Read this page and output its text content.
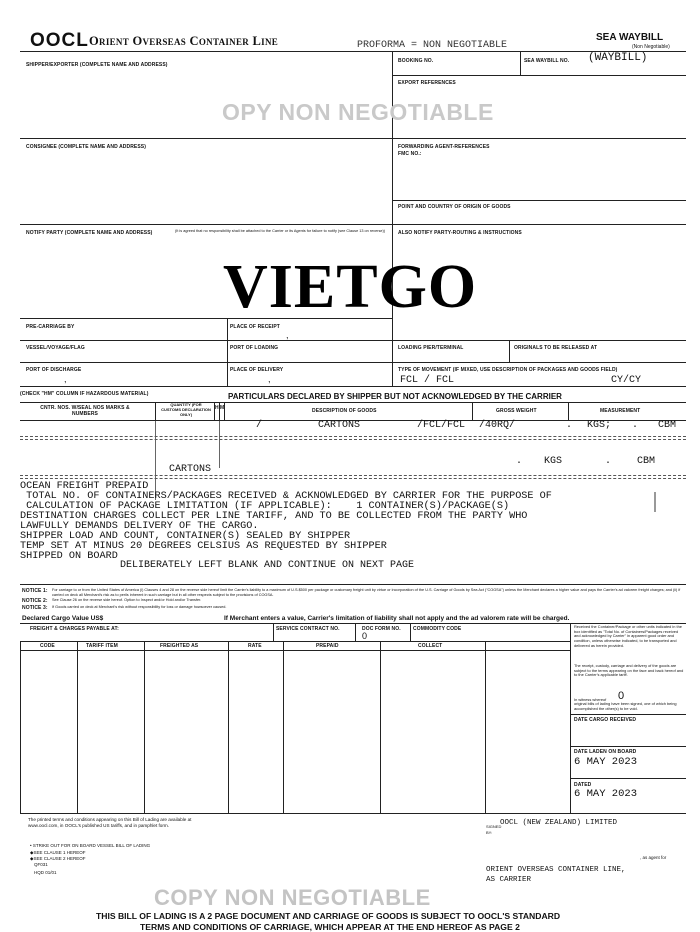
OOCL Orient Overseas Container Line	PROFORMA = NON NEGOTIABLE
SEA WAYBILL
(Non Negotiable)
SHIPPER/EXPORTER (COMPLETE NAME AND ADDRESS)
BOOKING NO.	SEA WAYBILL NO. (WAYBILL)
EXPORT REFERENCES
CONSIGNEE (COMPLETE NAME AND ADDRESS)	FORWARDING AGENT-REFERENCES
FMC NO.:
POINT AND COUNTRY OF ORIGIN OF GOODS
NOTIFY PARTY (COMPLETE NAME AND ADDRESS)	(It is agreed that no responsibility shall be attached to the Carrier or its Agents for failure to notify (see Clause 13 on reverse))	ALSO NOTIFY PARTY-ROUTING & INSTRUCTIONS
PRE-CARRIAGE BY	PLACE OF RECEIPT
,
VESSEL/VOYAGE/FLAG	PORT OF LOADING	LOADING PIER/TERMINAL	ORIGINALS TO BE RELEASED AT
PORT OF DISCHARGE
,
PLACE OF DELIVERY
,
TYPE OF MOVEMENT (IF MIXED, USE DESCRIPTION OF PACKAGES AND GOODS FIELD)
FCL / FCL	CY/CY
OPY NON NEGOTIABLE
VIETGO
(CHECK "HM" COLUMN IF HAZARDOUS MATERIAL)	PARTICULARS DECLARED BY SHIPPER BUT NOT ACKNOWLEDGED BY THE CARRIER
CNTR. NOS. W/SEAL NOS MARKS & NUMBERS
QUANTITY (FOR CUSTOMS DECLARATION ONLY)
H M	DESCRIPTION OF GOODS	GROSS WEIGHT	MEASUREMENT
/	CARTONS	/FCL/FCL /40RQ/	. KGS; . CBM
. KGS	.	CBM
CARTONS
OCEAN FREIGHT PREPAID
TOTAL NO. OF CONTAINERS/PACKAGES RECEIVED & ACKNOWLEDGED BY CARRIER FOR THE PURPOSE OF
CALCULATION OF PACKAGE LIMITATION (IF APPLICABLE):    1 CONTAINER(S)/PACKAGE(S)
DESTINATION CHARGES COLLECT PER LINE TARIFF, AND TO BE COLLECTED FROM THE PARTY WHO
LAWFULLY DEMANDS DELIVERY OF THE CARGO.
SHIPPER LOAD AND COUNT, CONTAINER(S) SEALED BY SHIPPER
TEMP SET AT MINUS 20 DEGREES CELSIUS AS REQUESTED BY SHIPPER
SHIPPED ON BOARD
DELIBERATELY LEFT BLANK AND CONTINUE ON NEXT PAGE
NOTICE 1: For carriage to or from the United States of America (i) Clauses 4 and 28 on the reverse side hereof limit the Carrier's liability to a maximum of U.S.$500 per package or customary freight unit by virtue or incorporation of the U.S. Carriage of Goods by Sea Act ("COGSA") unless the Merchant declares a higher value and pays the Carrier's ad valorem freight charges; and (ii) if carried on deck all Merchant's risk as to perils inherent in such carriage but in all other respects subject to the provisions of COGSA.
NOTICE 2: See Clause 26 on the reverse side hereof. Option to Inspect and/or Hold and/or Transfer.
NOTICE 3: If Goods carried on deck at Merchant's risk without responsibility for loss or damage howsoever caused.
Declared Cargo Value US$	If Merchant enters a value, Carrier's limitation of liability shall not apply and the ad valorem rate will be charged.
FREIGHT & CHARGES PAYABLE AT:	SERVICE CONTRACT NO.	DOC FORM NO.
0
COMMODITY CODE
CODE	TARIFF ITEM	FREIGHTED AS	RATE	PREPAID	COLLECT
Received the Container/Package or other units indicated in the box identified as "Total No. of Containers/Packages received and acknowledged by Carrier" in apparent good order and condition, unless otherwise indicated, to be transported and delivered as herein provided.
The receipt, custody, carriage and delivery of the goods are subject to the terms appearing on the face and back hereof and to the Carrier's applicable tariff.
In witness whereof 0
original bills of lading have been signed, one of which being accomplished the other(s) to be void.
DATE CARGO RECEIVED
DATE LADEN ON BOARD
6 MAY 2023
DATED
6 MAY 2023
SIGNED BY:
OOCL (NEW ZEALAND) LIMITED
, as agent for
ORIENT OVERSEAS CONTAINER LINE, AS CARRIER
The printed terms and conditions appearing on this Bill of Lading are available at www.oocl.com, in OOCL's published US tariffs, and in pamphlet form.
• STRIKE OUT FOR ON BOARD VESSEL BILL OF LADING
◆SEE CLAUSE 1 HEREOF
◆SEE CLAUSE 2 HEREOF
QF031
HQD 01/01
COPY NON NEGOTIABLE
THIS BILL OF LADING IS A 2 PAGE DOCUMENT AND CARRIAGE OF GOODS IS SUBJECT TO OOCL'S STANDARD
TERMS AND CONDITIONS OF CARRIAGE, WHICH APPEAR AT THE END HEREOF AS PAGE 2
